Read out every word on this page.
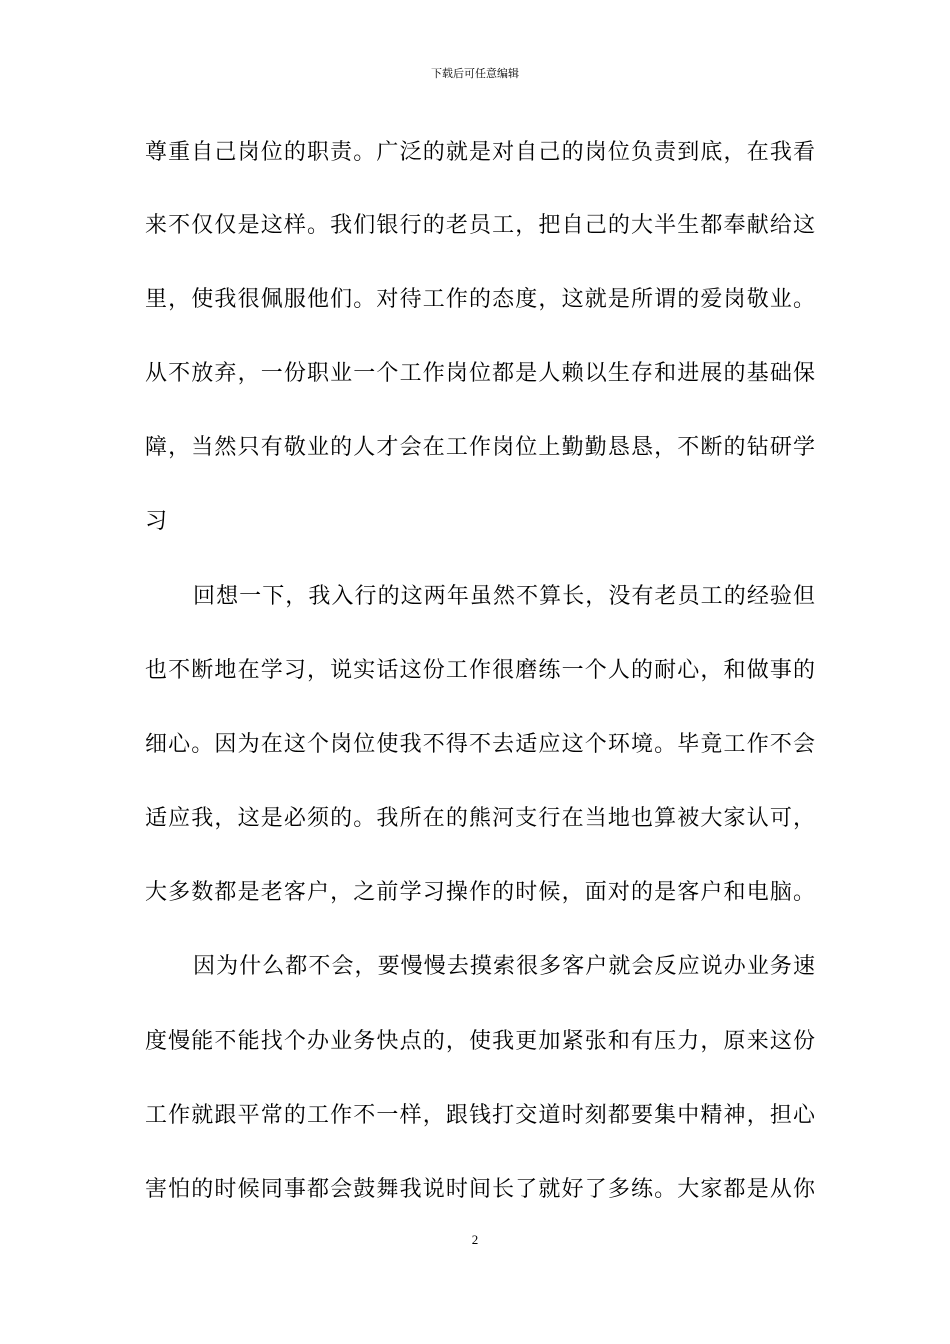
下载后可任意编辑
尊重自己岗位的职责。广泛的就是对自己的岗位负责到底，在我看
来不仅仅是这样。我们银行的老员工，把自己的大半生都奉献给这
里，使我很佩服他们。对待工作的态度，这就是所谓的爱岗敬业。
从不放弃，一份职业一个工作岗位都是人赖以生存和进展的基础保
障，当然只有敬业的人才会在工作岗位上勤勤恳恳，不断的钻研学
习
回想一下，我入行的这两年虽然不算长，没有老员工的经验但
也不断地在学习，说实话这份工作很磨练一个人的耐心，和做事的
细心。因为在这个岗位使我不得不去适应这个环境。毕竟工作不会
适应我，这是必须的。我所在的熊河支行在当地也算被大家认可，
大多数都是老客户，之前学习操作的时候，面对的是客户和电脑。
因为什么都不会，要慢慢去摸索很多客户就会反应说办业务速
度慢能不能找个办业务快点的，使我更加紧张和有压力，原来这份
工作就跟平常的工作不一样，跟钱打交道时刻都要集中精神，担心
害怕的时候同事都会鼓舞我说时间长了就好了多练。大家都是从你
2
